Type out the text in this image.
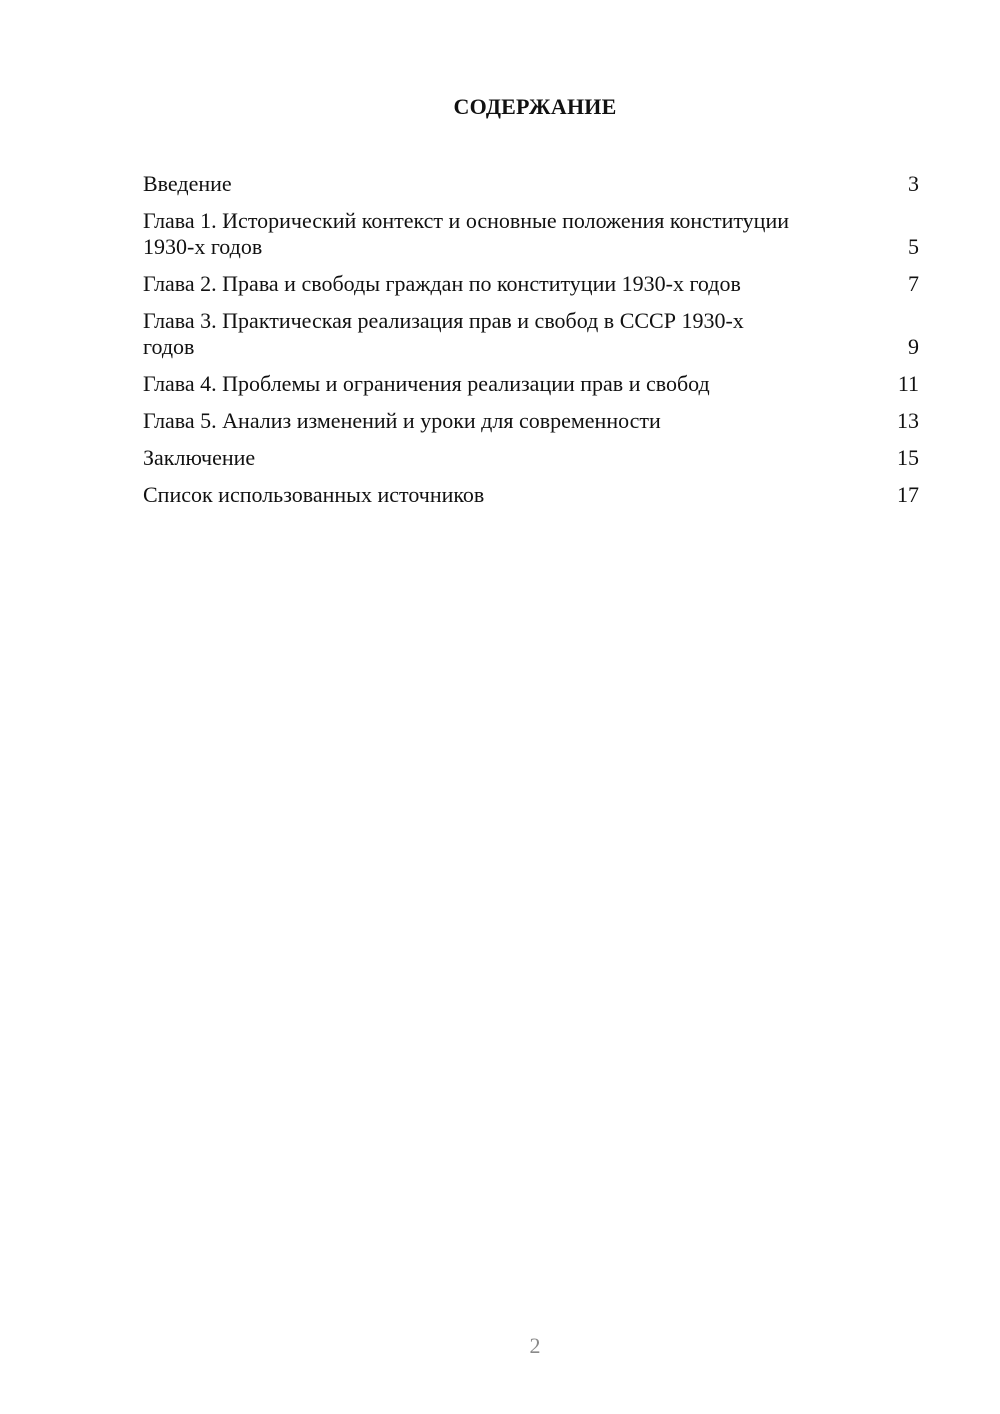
СОДЕРЖАНИЕ
Введение	3
Глава 1. Исторический контекст и основные положения конституции 1930-х годов	5
Глава 2. Права и свободы граждан по конституции 1930-х годов	7
Глава 3. Практическая реализация прав и свобод в СССР 1930-х годов	9
Глава 4. Проблемы и ограничения реализации прав и свобод	11
Глава 5. Анализ изменений и уроки для современности	13
Заключение	15
Список использованных источников	17
2
